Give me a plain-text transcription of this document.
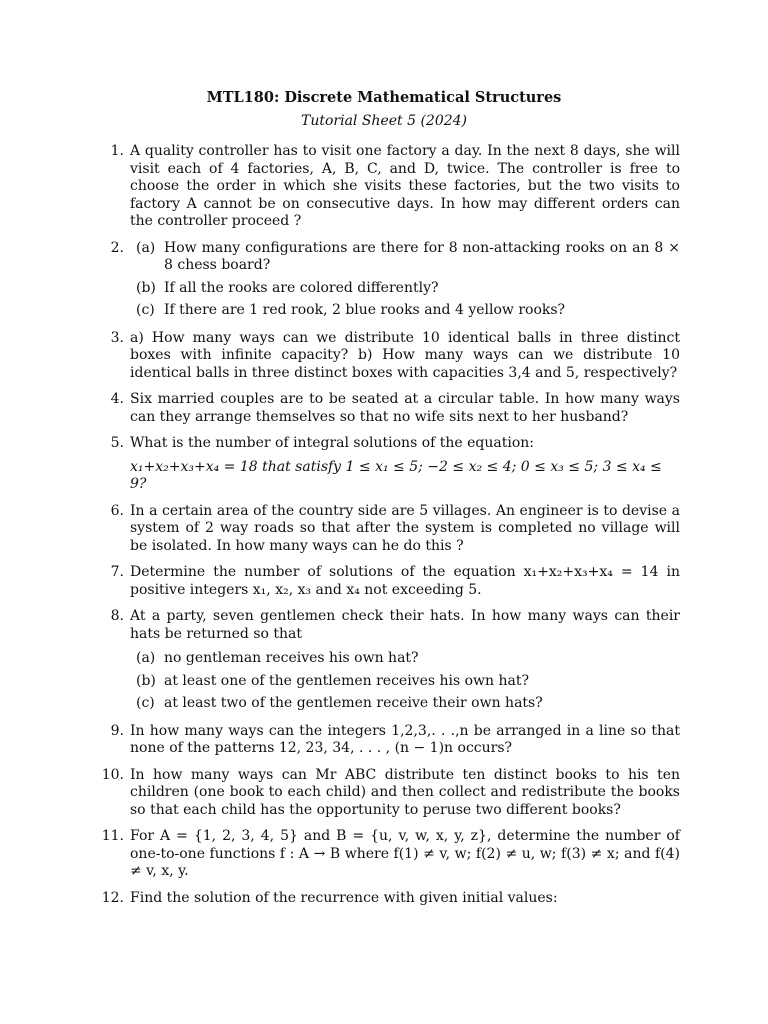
MTL180: Discrete Mathematical Structures
Tutorial Sheet 5 (2024)
1. A quality controller has to visit one factory a day. In the next 8 days, she will visit each of 4 factories, A, B, C, and D, twice. The controller is free to choose the order in which she visits these factories, but the two visits to factory A cannot be on consecutive days. In how may different orders can the controller proceed ?
2. (a) How many configurations are there for 8 non-attacking rooks on an 8 × 8 chess board?
(b) If all the rooks are colored differently?
(c) If there are 1 red rook, 2 blue rooks and 4 yellow rooks?
3. a) How many ways can we distribute 10 identical balls in three distinct boxes with infinite capacity? b) How many ways can we distribute 10 identical balls in three distinct boxes with capacities 3,4 and 5, respectively?
4. Six married couples are to be seated at a circular table. In how many ways can they arrange themselves so that no wife sits next to her husband?
5. What is the number of integral solutions of the equation:
x₁+x₂+x₃+x₄ = 18 that satisfy 1 ≤ x₁ ≤ 5; −2 ≤ x₂ ≤ 4; 0 ≤ x₃ ≤ 5; 3 ≤ x₄ ≤ 9?
6. In a certain area of the country side are 5 villages. An engineer is to devise a system of 2 way roads so that after the system is completed no village will be isolated. In how many ways can he do this ?
7. Determine the number of solutions of the equation x₁+x₂+x₃+x₄ = 14 in positive integers x₁, x₂, x₃ and x₄ not exceeding 5.
8. At a party, seven gentlemen check their hats. In how many ways can their hats be returned so that
(a) no gentleman receives his own hat?
(b) at least one of the gentlemen receives his own hat?
(c) at least two of the gentlemen receive their own hats?
9. In how many ways can the integers 1,2,3,. . .,n be arranged in a line so that none of the patterns 12, 23, 34, . . . , (n − 1)n occurs?
10. In how many ways can Mr ABC distribute ten distinct books to his ten children (one book to each child) and then collect and redistribute the books so that each child has the opportunity to peruse two different books?
11. For A = {1, 2, 3, 4, 5} and B = {u, v, w, x, y, z}, determine the number of one-to-one functions f : A → B where f(1) ≠ v, w; f(2) ≠ u, w; f(3) ≠ x; and f(4) ≠ v, x, y.
12. Find the solution of the recurrence with given initial values:
